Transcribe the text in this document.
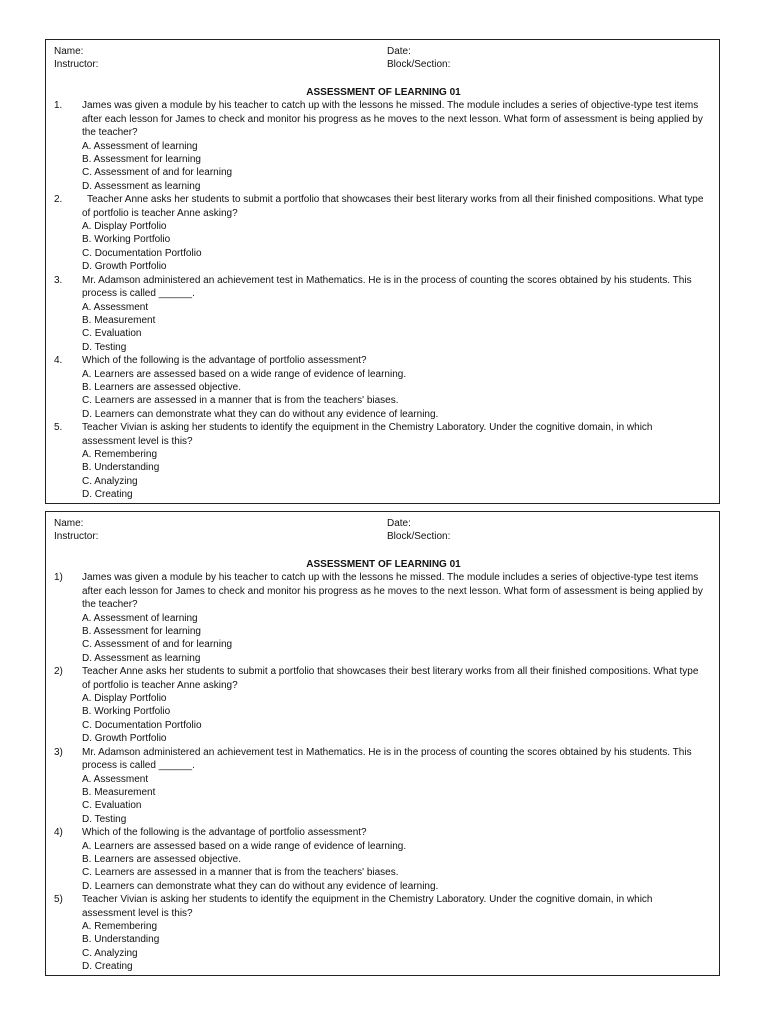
Name:
Instructor:
Date:
Block/Section:
ASSESSMENT OF LEARNING 01
1. James was given a module by his teacher to catch up with the lessons he missed. The module includes a series of objective-type test items after each lesson for James to check and monitor his progress as he moves to the next lesson. What form of assessment is being applied by the teacher?
A. Assessment of learning
B. Assessment for learning
C. Assessment of and for learning
D. Assessment as learning
2.	Teacher Anne asks her students to submit a portfolio that showcases their best literary works from all their finished compositions. What type of portfolio is teacher Anne asking?
A. Display Portfolio
B. Working Portfolio
C. Documentation Portfolio
D. Growth Portfolio
3. Mr. Adamson administered an achievement test in Mathematics. He is in the process of counting the scores obtained by his students. This process is called ______.
A. Assessment
B. Measurement
C. Evaluation
D. Testing
4. Which of the following is the advantage of portfolio assessment?
A. Learners are assessed based on a wide range of evidence of learning.
B. Learners are assessed objective.
C. Learners are assessed in a manner that is from the teachers' biases.
D. Learners can demonstrate what they can do without any evidence of learning.
5. Teacher Vivian is asking her students to identify the equipment in the Chemistry Laboratory. Under the cognitive domain, in which assessment level is this?
A. Remembering
B. Understanding
C. Analyzing
D. Creating
Name:
Instructor:
Date:
Block/Section:
ASSESSMENT OF LEARNING 01
1) James was given a module by his teacher to catch up with the lessons he missed. The module includes a series of objective-type test items after each lesson for James to check and monitor his progress as he moves to the next lesson. What form of assessment is being applied by the teacher?
A. Assessment of learning
B. Assessment for learning
C. Assessment of and for learning
D. Assessment as learning
2) Teacher Anne asks her students to submit a portfolio that showcases their best literary works from all their finished compositions. What type of portfolio is teacher Anne asking?
A. Display Portfolio
B. Working Portfolio
C. Documentation Portfolio
D. Growth Portfolio
3) Mr. Adamson administered an achievement test in Mathematics. He is in the process of counting the scores obtained by his students. This process is called ______.
A. Assessment
B. Measurement
C. Evaluation
D. Testing
4) Which of the following is the advantage of portfolio assessment?
A. Learners are assessed based on a wide range of evidence of learning.
B. Learners are assessed objective.
C. Learners are assessed in a manner that is from the teachers' biases.
D. Learners can demonstrate what they can do without any evidence of learning.
5) Teacher Vivian is asking her students to identify the equipment in the Chemistry Laboratory. Under the cognitive domain, in which assessment level is this?
A. Remembering
B. Understanding
C. Analyzing
D. Creating
